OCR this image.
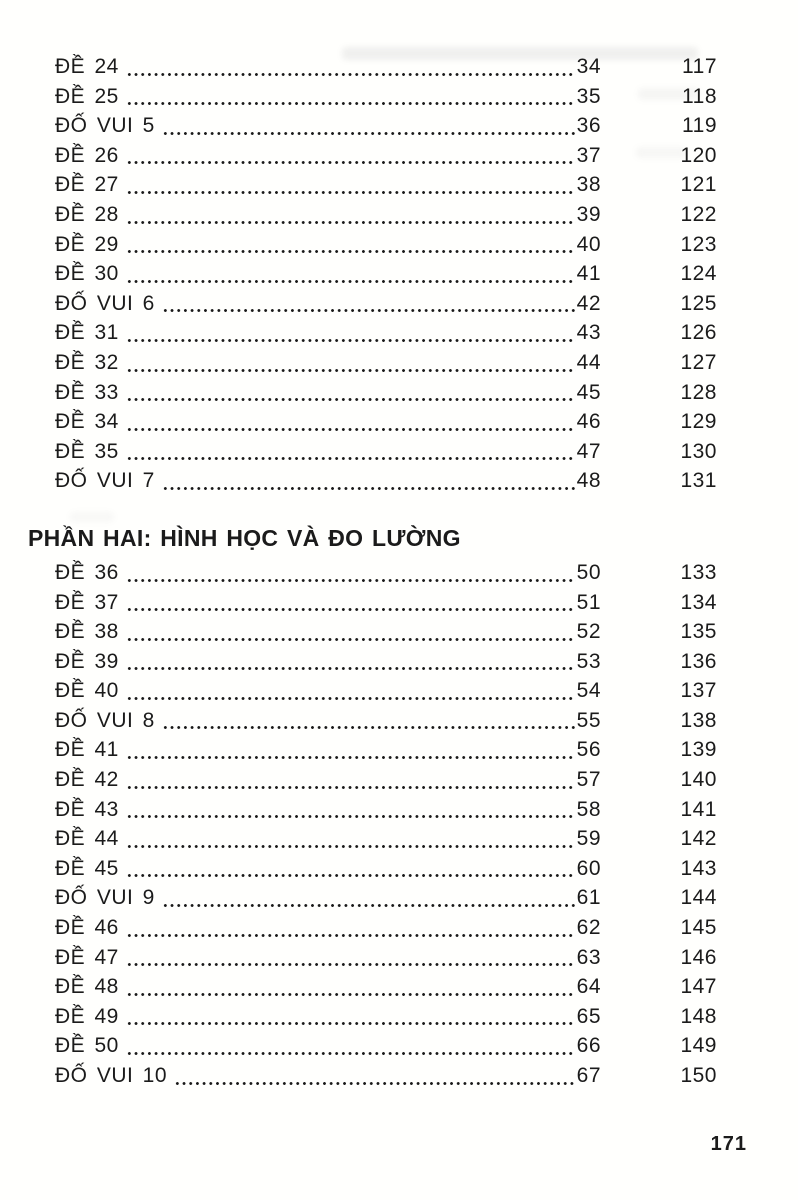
ĐỀ 24	34	117
ĐỀ 25	35	118
ĐỐ VUI 5	36	119
ĐỀ 26	37	120
ĐỀ 27	38	121
ĐỀ 28	39	122
ĐỀ 29	40	123
ĐỀ 30	41	124
ĐỐ VUI 6	42	125
ĐỀ 31	43	126
ĐỀ 32	44	127
ĐỀ 33	45	128
ĐỀ 34	46	129
ĐỀ 35	47	130
ĐỐ VUI 7	48	131
PHẦN HAI: HÌNH HỌC VÀ ĐO LƯỜNG
ĐỀ 36	50	133
ĐỀ 37	51	134
ĐỀ 38	52	135
ĐỀ 39	53	136
ĐỀ 40	54	137
ĐỐ VUI 8	55	138
ĐỀ 41	56	139
ĐỀ 42	57	140
ĐỀ 43	58	141
ĐỀ 44	59	142
ĐỀ 45	60	143
ĐỐ VUI 9	61	144
ĐỀ 46	62	145
ĐỀ 47	63	146
ĐỀ 48	64	147
ĐỀ 49	65	148
ĐỀ 50	66	149
ĐỐ VUI 10	67	150
171
